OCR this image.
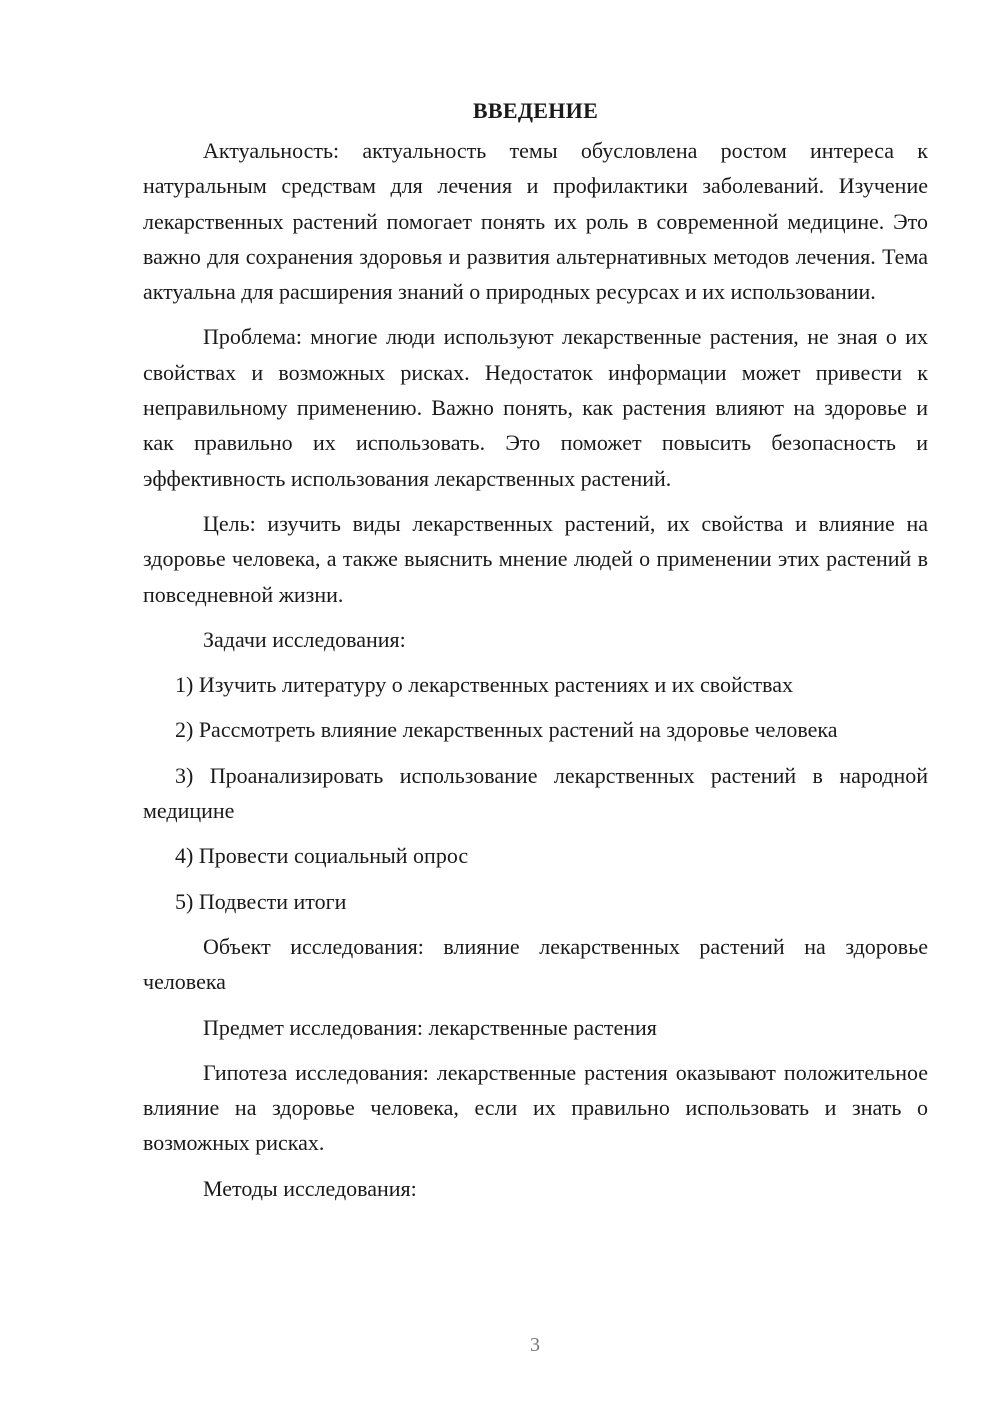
ВВЕДЕНИЕ
Актуальность: актуальность темы обусловлена ростом интереса к натуральным средствам для лечения и профилактики заболеваний. Изучение лекарственных растений помогает понять их роль в современной медицине. Это важно для сохранения здоровья и развития альтернативных методов лечения. Тема актуальна для расширения знаний о природных ресурсах и их использовании.
Проблема: многие люди используют лекарственные растения, не зная о их свойствах и возможных рисках. Недостаток информации может привести к неправильному применению. Важно понять, как растения влияют на здоровье и как правильно их использовать. Это поможет повысить безопасность и эффективность использования лекарственных растений.
Цель: изучить виды лекарственных растений, их свойства и влияние на здоровье человека, а также выяснить мнение людей о применении этих растений в повседневной жизни.
Задачи исследования:
1) Изучить литературу о лекарственных растениях и их свойствах
2) Рассмотреть влияние лекарственных растений на здоровье человека
3) Проанализировать использование лекарственных растений в народной медицине
4) Провести социальный опрос
5) Подвести итоги
Объект исследования: влияние лекарственных растений на здоровье человека
Предмет исследования: лекарственные растения
Гипотеза исследования: лекарственные растения оказывают положительное влияние на здоровье человека, если их правильно использовать и знать о возможных рисках.
Методы исследования:
3
